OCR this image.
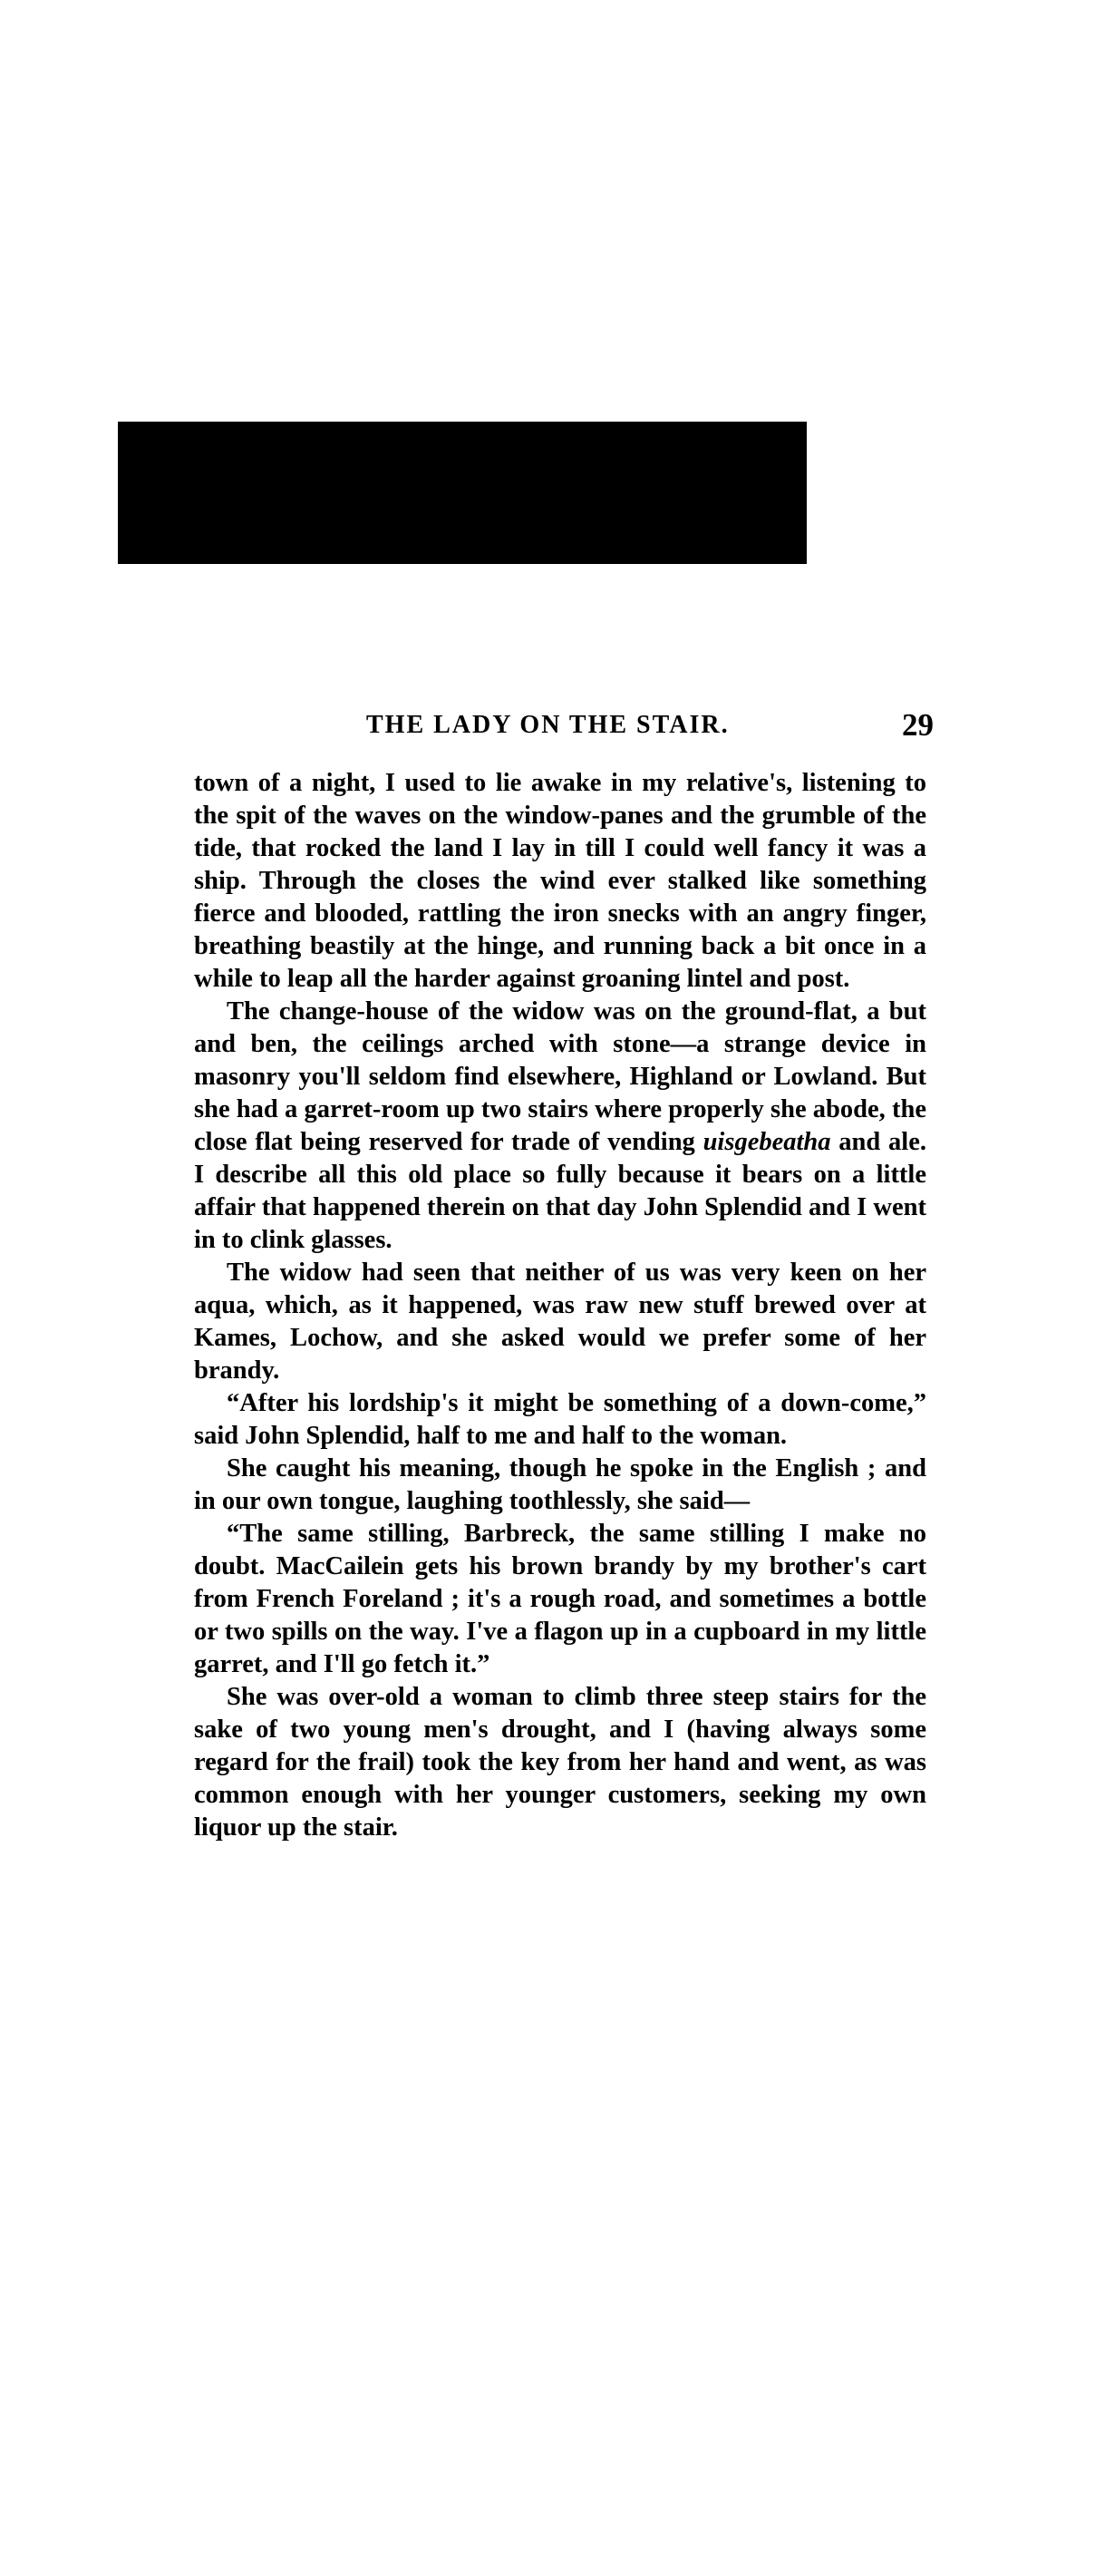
THE LADY ON THE STAIR.	29

town of a night, I used to lie awake in my relative's, listening to the spit of the waves on the window-panes and the grumble of the tide, that rocked the land I lay in till I could well fancy it was a ship. Through the closes the wind ever stalked like something fierce and blooded, rattling the iron snecks with an angry finger, breathing beastily at the hinge, and running back a bit once in a while to leap all the harder against groaning lintel and post.

The change-house of the widow was on the ground-flat, a but and ben, the ceilings arched with stone—a strange device in masonry you'll seldom find elsewhere, Highland or Lowland. But she had a garret-room up two stairs where properly she abode, the close flat being reserved for trade of vending uisgebeatha and ale. I describe all this old place so fully because it bears on a little affair that happened therein on that day John Splendid and I went in to clink glasses.

The widow had seen that neither of us was very keen on her aqua, which, as it happened, was raw new stuff brewed over at Kames, Lochow, and she asked would we prefer some of her brandy.

“After his lordship's it might be something of a down-come,” said John Splendid, half to me and half to the woman.

She caught his meaning, though he spoke in the English ; and in our own tongue, laughing toothlessly, she said—

“The same stilling, Barbreck, the same stilling I make no doubt. MacCailein gets his brown brandy by my brother's cart from French Foreland ; it's a rough road, and sometimes a bottle or two spills on the way. I've a flagon up in a cupboard in my little garret, and I'll go fetch it.”

She was over-old a woman to climb three steep stairs for the sake of two young men's drought, and I (having always some regard for the frail) took the key from her hand and went, as was common enough with her younger customers, seeking my own liquor up the stair.
